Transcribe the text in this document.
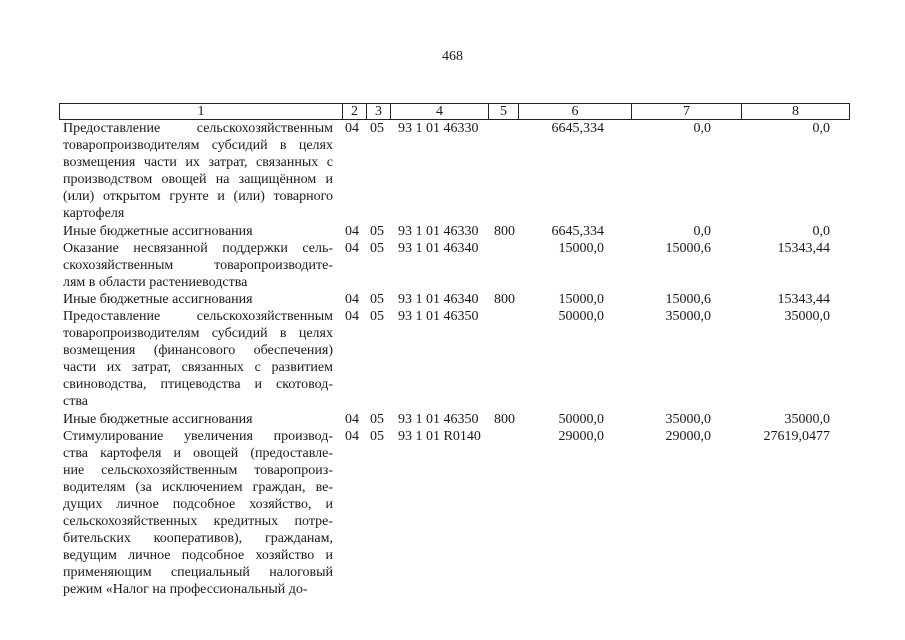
468
1	2	3	4	5	6	7	8
Предоставление сельскохозяйственным
товаропроизводителям субсидий в целях
возмещения части их затрат, связанных с
производством овощей на защищённом и
(или) открытом грунте и (или) товарного
картофеля
04 05 93 1 01 46330	6645,334	0,0	0,0
Иные бюджетные ассигнования	04 05 93 1 01 46330 800	6645,334	0,0	0,0
Оказание несвязанной поддержки сель-
скохозяйственным товаропроизводите-
лям в области растениеводства
04 05 93 1 01 46340	15000,0	15000,6	15343,44
Иные бюджетные ассигнования	04 05 93 1 01 46340 800	15000,0	15000,6	15343,44
Предоставление сельскохозяйственным
товаропроизводителям субсидий в целях
возмещения (финансового обеспечения)
части их затрат, связанных с развитием
свиноводства, птицеводства и скотовод-
ства
04 05 93 1 01 46350	50000,0	35000,0	35000,0
Иные бюджетные ассигнования	04 05 93 1 01 46350 800	50000,0	35000,0	35000,0
Стимулирование увеличения производ-
ства картофеля и овощей (предоставле-
ние сельскохозяйственным товаропроиз-
водителям (за исключением граждан, ве-
дущих личное подсобное хозяйство, и
сельскохозяйственных кредитных потре-
бительских кооперативов), гражданам,
ведущим личное подсобное хозяйство и
применяющим специальный налоговый
режим «Налог на профессиональный до-
04 05 93 1 01 R0140	29000,0	29000,0	27619,0477
